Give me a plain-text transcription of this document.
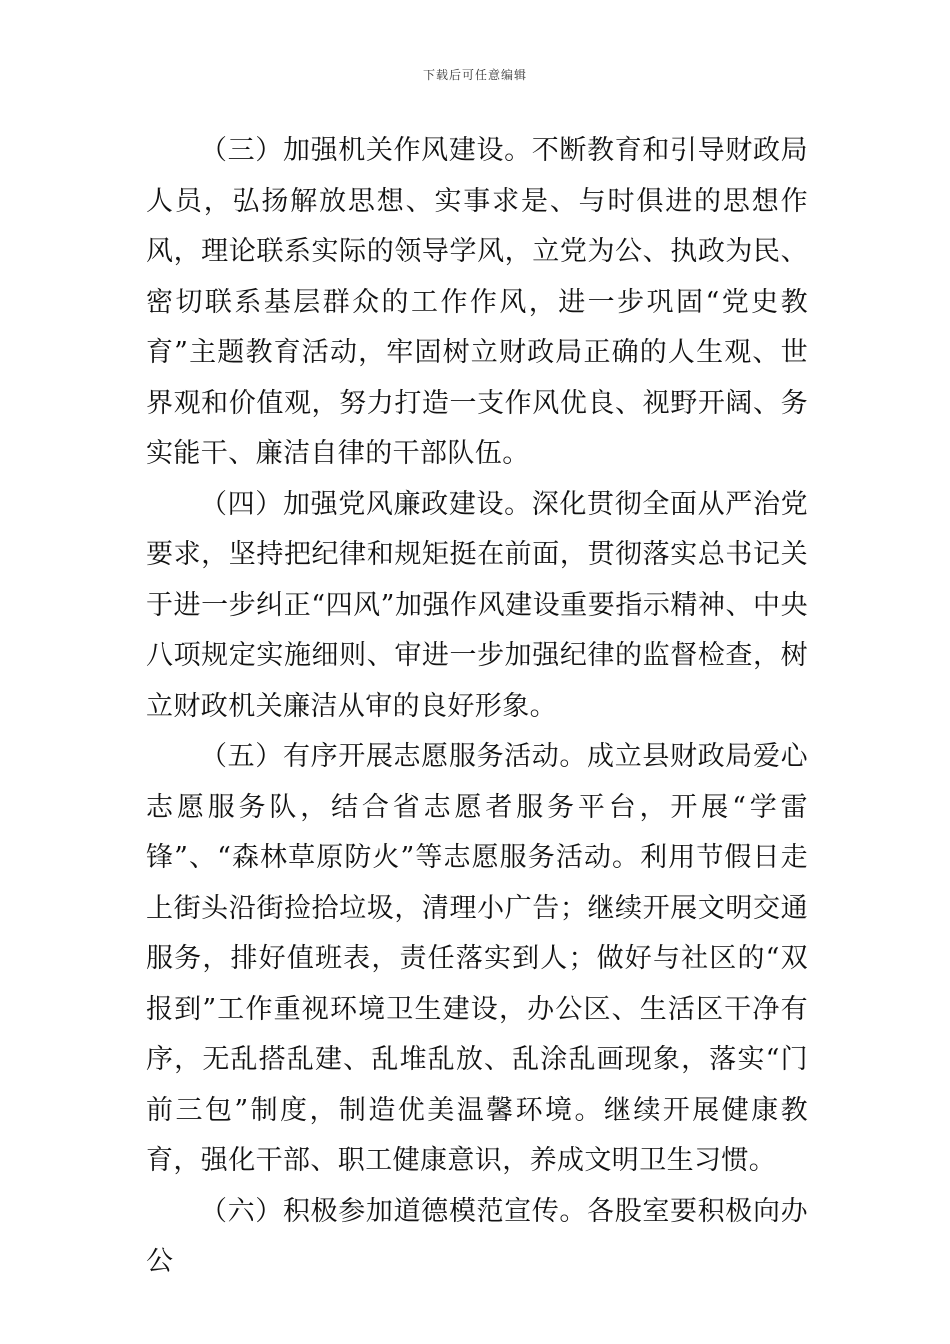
下载后可任意编辑

（三）加强机关作风建设。不断教育和引导财政局人员，弘扬解放思想、实事求是、与时俱进的思想作风，理论联系实际的领导学风，立党为公、执政为民、密切联系基层群众的工作作风，进一步巩固“党史教育”主题教育活动，牢固树立财政局正确的人生观、世界观和价值观，努力打造一支作风优良、视野开阔、务实能干、廉洁自律的干部队伍。

（四）加强党风廉政建设。深化贯彻全面从严治党要求，坚持把纪律和规矩挺在前面，贯彻落实总书记关于进一步纠正“四风”加强作风建设重要指示精神、中央八项规定实施细则、审进一步加强纪律的监督检查，树立财政机关廉洁从审的良好形象。

（五）有序开展志愿服务活动。成立县财政局爱心志愿服务队，结合省志愿者服务平台，开展“学雷锋”、“森林草原防火”等志愿服务活动。利用节假日走上街头沿街捡拾垃圾，清理小广告；继续开展文明交通服务，排好值班表，责任落实到人；做好与社区的“双报到”工作重视环境卫生建设，办公区、生活区干净有序，无乱搭乱建、乱堆乱放、乱涂乱画现象，落实“门前三包”制度，制造优美温馨环境。继续开展健康教育，强化干部、职工健康意识，养成文明卫生习惯。

（六）积极参加道德模范宣传。各股室要积极向办公
